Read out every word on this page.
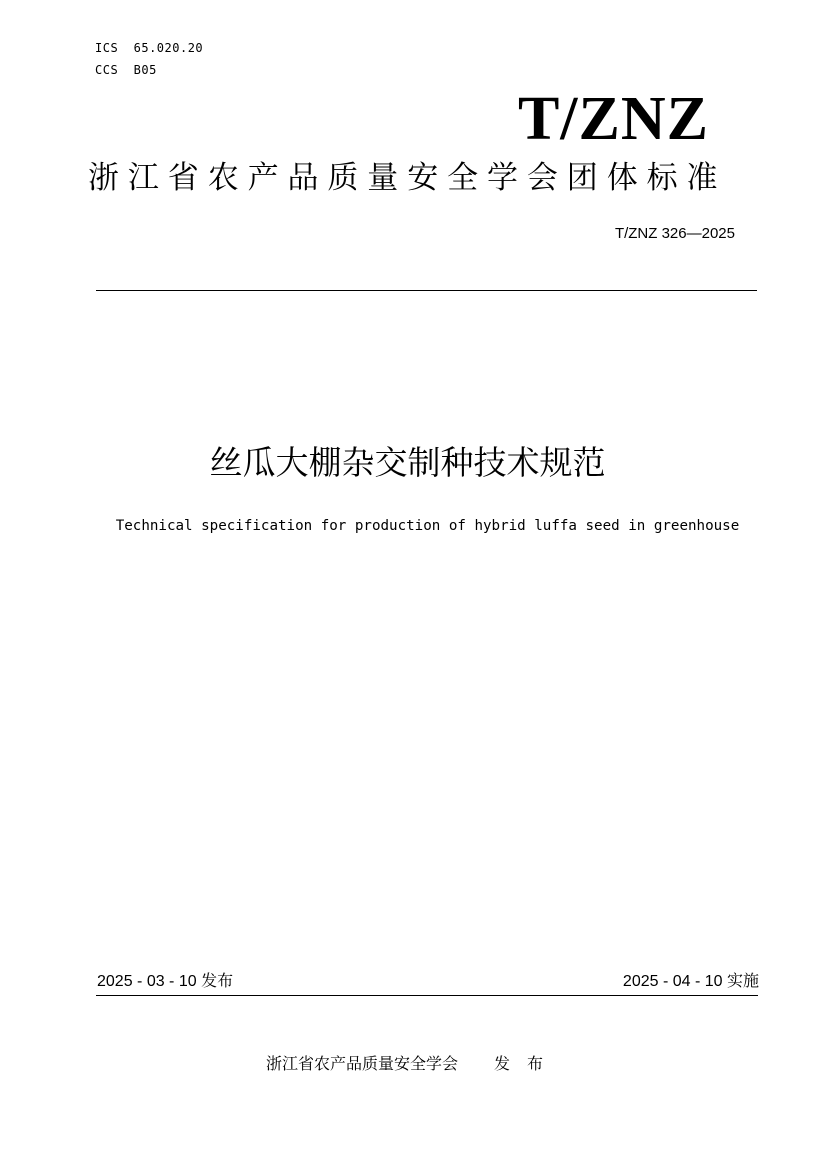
ICS  65.020.20
CCS  B05
T/ZNZ
浙江省农产品质量安全学会团体标准
T/ZNZ 326—2025
丝瓜大棚杂交制种技术规范
Technical specification for production of hybrid luffa seed in greenhouse
2025 - 03 - 10 发布	2025 - 04 - 10 实施
浙江省农产品质量安全学会 发 布
